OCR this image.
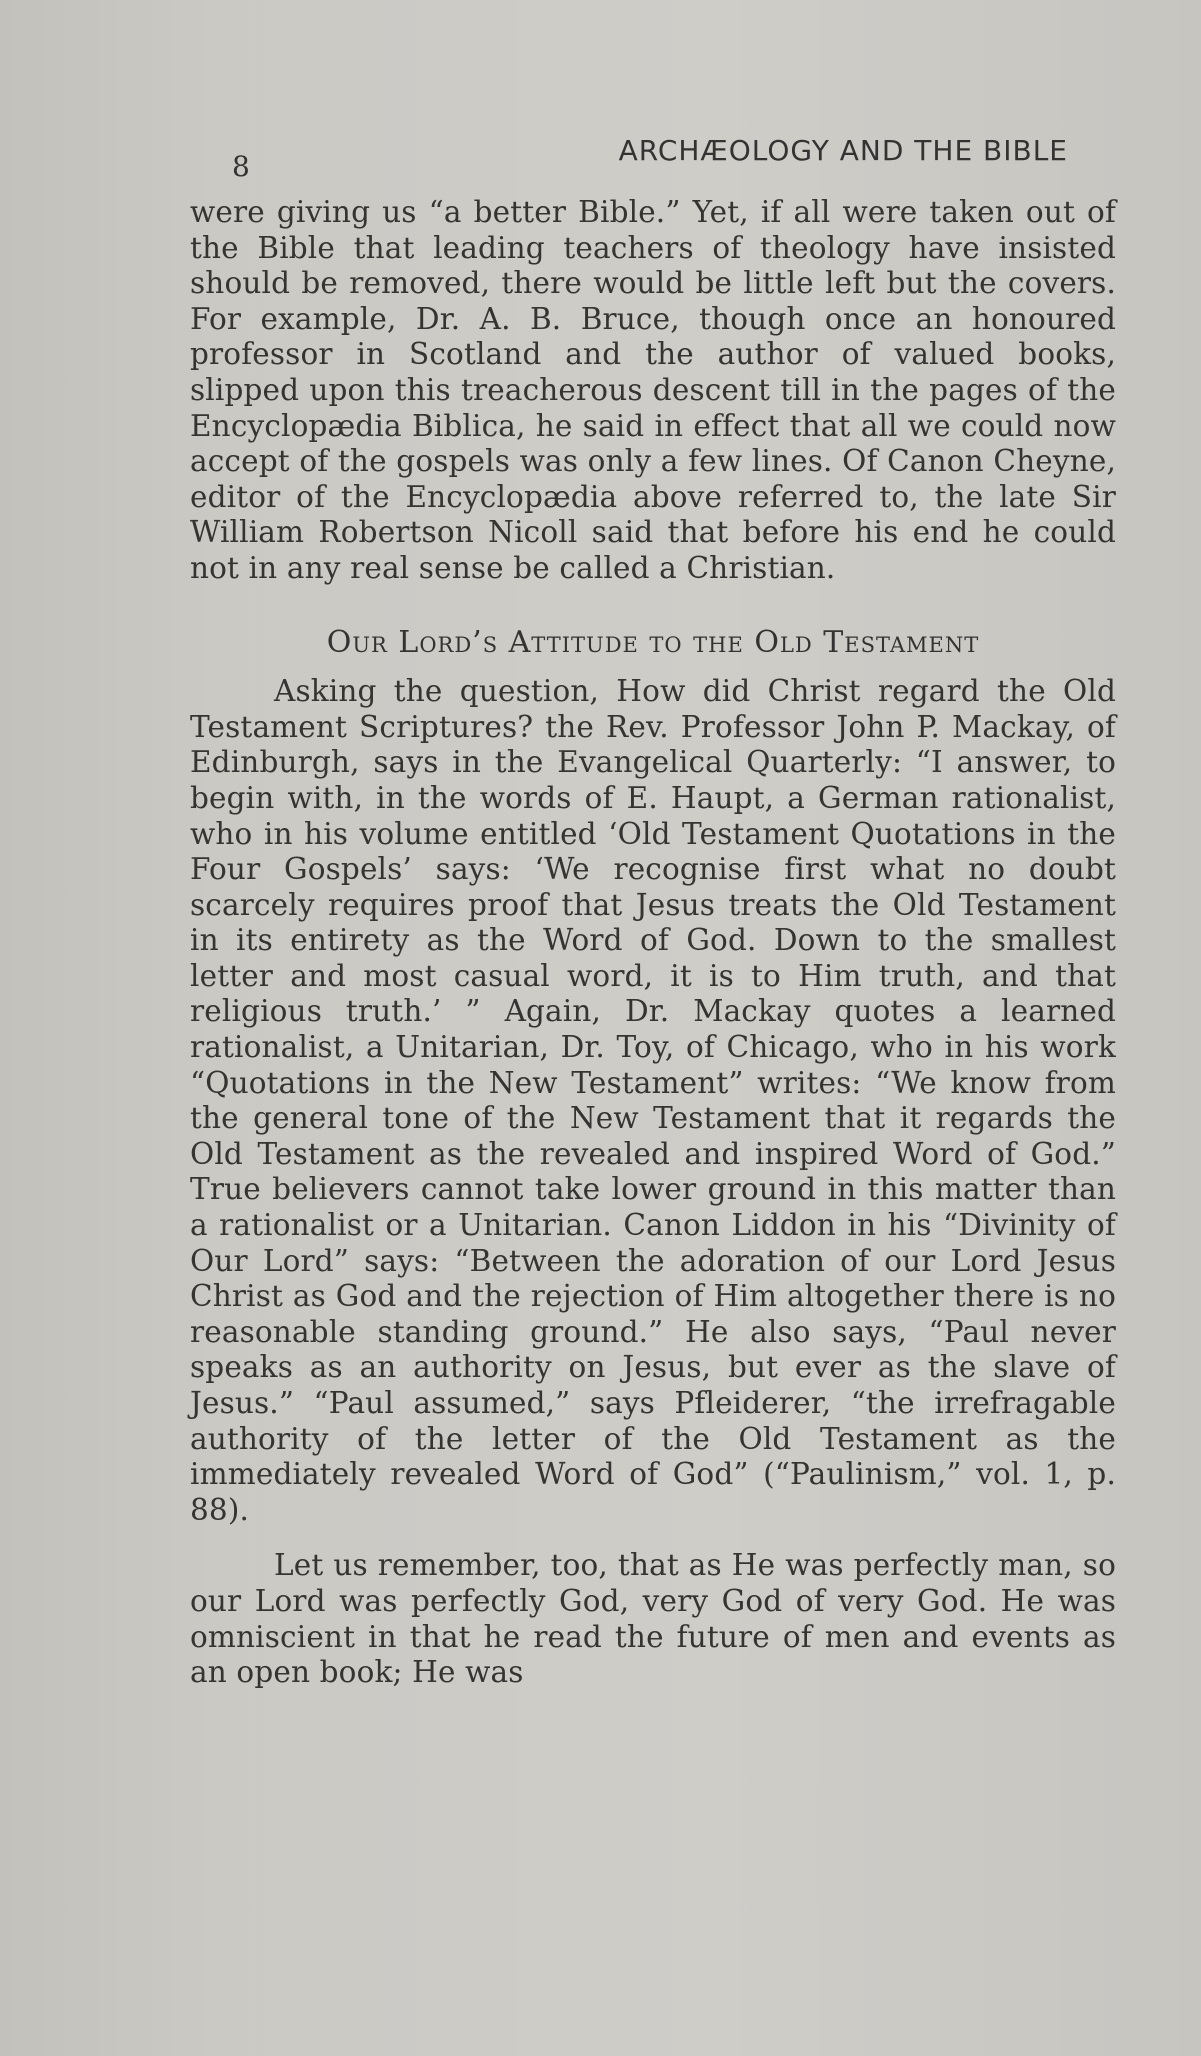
8	ARCHÆOLOGY AND THE BIBLE

were giving us “a better Bible.” Yet, if all were taken out of the Bible that leading teachers of theology have insisted should be removed, there would be little left but the covers. For example, Dr. A. B. Bruce, though once an honoured professor in Scotland and the author of valued books, slipped upon this treacherous descent till in the pages of the Encyclopædia Biblica, he said in effect that all we could now accept of the gospels was only a few lines. Of Canon Cheyne, editor of the Encyclopædia above referred to, the late Sir William Robertson Nicoll said that before his end he could not in any real sense be called a Christian.

Our Lord’s Attitude to the Old Testament

Asking the question, How did Christ regard the Old Testament Scriptures? the Rev. Professor John P. Mackay, of Edinburgh, says in the Evangelical Quarterly: “I answer, to begin with, in the words of E. Haupt, a German rationalist, who in his volume entitled ‘Old Testament Quotations in the Four Gospels’ says: ‘We recognise first what no doubt scarcely requires proof that Jesus treats the Old Testament in its entirety as the Word of God. Down to the smallest letter and most casual word, it is to Him truth, and that religious truth.’ ” Again, Dr. Mackay quotes a learned rationalist, a Unitarian, Dr. Toy, of Chicago, who in his work “Quotations in the New Testament” writes: “We know from the general tone of the New Testament that it regards the Old Testament as the revealed and inspired Word of God.” True believers cannot take lower ground in this matter than a rationalist or a Unitarian. Canon Liddon in his “Divinity of Our Lord” says: “Between the adoration of our Lord Jesus Christ as God and the rejection of Him altogether there is no reasonable standing ground.” He also says, “Paul never speaks as an authority on Jesus, but ever as the slave of Jesus.” “Paul assumed,” says Pfleiderer, “the irrefragable authority of the letter of the Old Testament as the immediately revealed Word of God” (“Paulinism,” vol. 1, p. 88).

Let us remember, too, that as He was perfectly man, so our Lord was perfectly God, very God of very God. He was omniscient in that he read the future of men and events as an open book; He was
